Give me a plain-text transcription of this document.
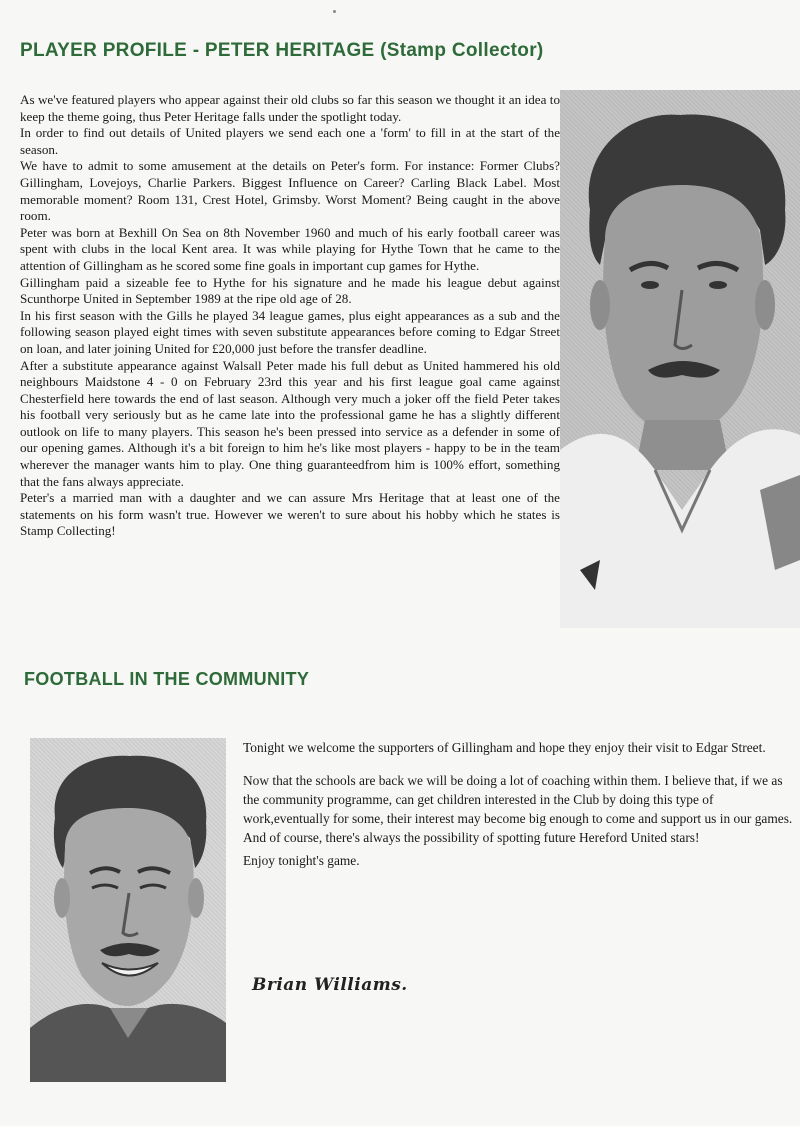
PLAYER PROFILE - PETER HERITAGE (Stamp Collector)

As we've featured players who appear against their old clubs so far this season we thought it an idea to keep the theme going, thus Peter Heritage falls under the spotlight today.

In order to find out details of United players we send each one a 'form' to fill in at the start of the season.

We have to admit to some amusement at the details on Peter's form. For instance: Former Clubs? Gillingham, Lovejoys, Charlie Parkers. Biggest Influence on Career? Carling Black Label. Most memorable moment? Room 131, Crest Hotel, Grimsby. Worst Moment? Being caught in the above room.

Peter was born at Bexhill On Sea on 8th November 1960 and much of his early football career was spent with clubs in the local Kent area. It was while playing for Hythe Town that he came to the attention of Gillingham as he scored some fine goals in important cup games for Hythe.

Gillingham paid a sizeable fee to Hythe for his signature and he made his league debut against Scunthorpe United in September 1989 at the ripe old age of 28.

In his first season with the Gills he played 34 league games, plus eight appearances as a sub and the following season played eight times with seven substitute appearances before coming to Edgar Street on loan, and later joining United for £20,000 just before the transfer deadline.

After a substitute appearance against Walsall Peter made his full debut as United hammered his old neighbours Maidstone 4 - 0 on February 23rd this year and his first league goal came against Chesterfield here towards the end of last season. Although very much a joker off the field Peter takes his football very seriously but as he came late into the professional game he has a slightly different outlook on life to many players. This season he's been pressed into service as a defender in some of our opening games. Although it's a bit foreign to him he's like most players - happy to be in the team wherever the manager wants him to play. One thing guaranteedfrom him is 100% effort, something that the fans always appreciate.

Peter's a married man with a daughter and we can assure Mrs Heritage that at least one of the statements on his form wasn't true. However we weren't to sure about his hobby which he states is Stamp Collecting!

FOOTBALL IN THE COMMUNITY

Tonight we welcome the supporters of Gillingham and hope they enjoy their visit to Edgar Street.

Now that the schools are back we will be doing a lot of coaching within them. I believe that, if we as the community programme, can get children interested in the Club by doing this type of work,eventually for some, their interest may become big enough to come and support us in our games. And of course, there's always the possibility of spotting future Hereford United stars!

Enjoy tonight's game.

Brian Williams.
